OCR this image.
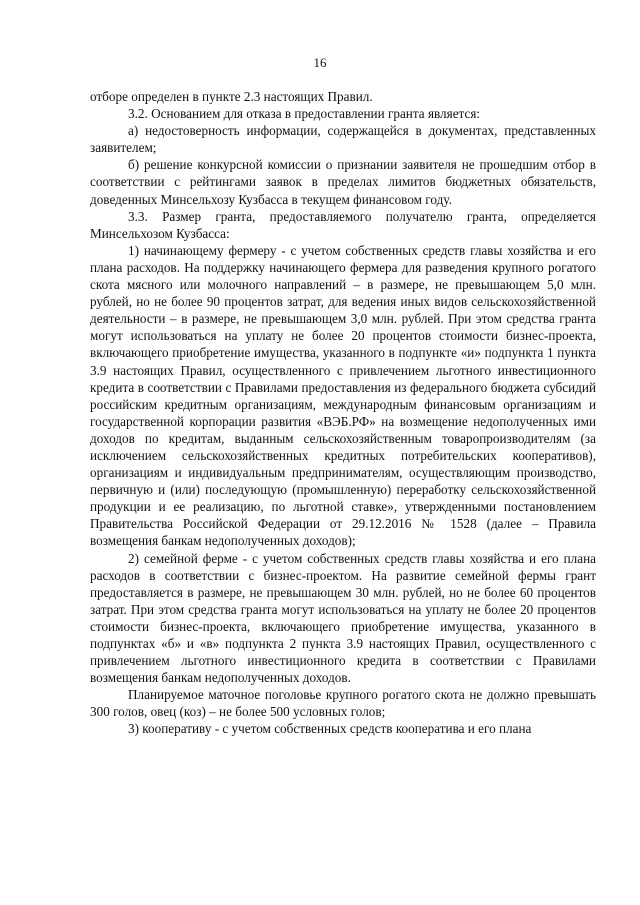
16

отборе определен в пункте 2.3 настоящих Правил.

3.2. Основанием для отказа в предоставлении гранта является:

а) недостоверность информации, содержащейся в документах, представленных заявителем;

б) решение конкурсной комиссии о признании заявителя не прошедшим отбор в соответствии с рейтингами заявок в пределах лимитов бюджетных обязательств, доведенных Минсельхозу Кузбасса в текущем финансовом году.

3.3. Размер гранта, предоставляемого получателю гранта, определяется Минсельхозом Кузбасса:

1) начинающему фермеру - с учетом собственных средств главы хозяйства и его плана расходов. На поддержку начинающего фермера для разведения крупного рогатого скота мясного или молочного направлений – в размере, не превышающем 5,0 млн. рублей, но не более 90 процентов затрат, для ведения иных видов сельскохозяйственной деятельности – в размере, не превышающем 3,0 млн. рублей. При этом средства гранта могут использоваться на уплату не более 20 процентов стоимости бизнес-проекта, включающего приобретение имущества, указанного в подпункте «и» подпункта 1 пункта 3.9 настоящих Правил, осуществленного с привлечением льготного инвестиционного кредита в соответствии с Правилами предоставления из федерального бюджета субсидий российским кредитным организациям, международным финансовым организациям и государственной корпорации развития «ВЭБ.РФ» на возмещение недополученных ими доходов по кредитам, выданным сельскохозяйственным товаропроизводителям (за исключением сельскохозяйственных кредитных потребительских кооперативов), организациям и индивидуальным предпринимателям, осуществляющим производство, первичную и (или) последующую (промышленную) переработку сельскохозяйственной продукции и ее реализацию, по льготной ставке», утвержденными постановлением Правительства Российской Федерации от 29.12.2016 № 1528 (далее – Правила возмещения банкам недополученных доходов);

2) семейной ферме - с учетом собственных средств главы хозяйства и его плана расходов в соответствии с бизнес-проектом. На развитие семейной фермы грант предоставляется в размере, не превышающем 30 млн. рублей, но не более 60 процентов затрат. При этом средства гранта могут использоваться на уплату не более 20 процентов стоимости бизнес-проекта, включающего приобретение имущества, указанного в подпунктах «б» и «в» подпункта 2 пункта 3.9 настоящих Правил, осуществленного с привлечением льготного инвестиционного кредита в соответствии с Правилами возмещения банкам недополученных доходов.

Планируемое маточное поголовье крупного рогатого скота не должно превышать 300 голов, овец (коз) – не более 500 условных голов;

3) кооперативу - с учетом собственных средств кооператива и его плана
